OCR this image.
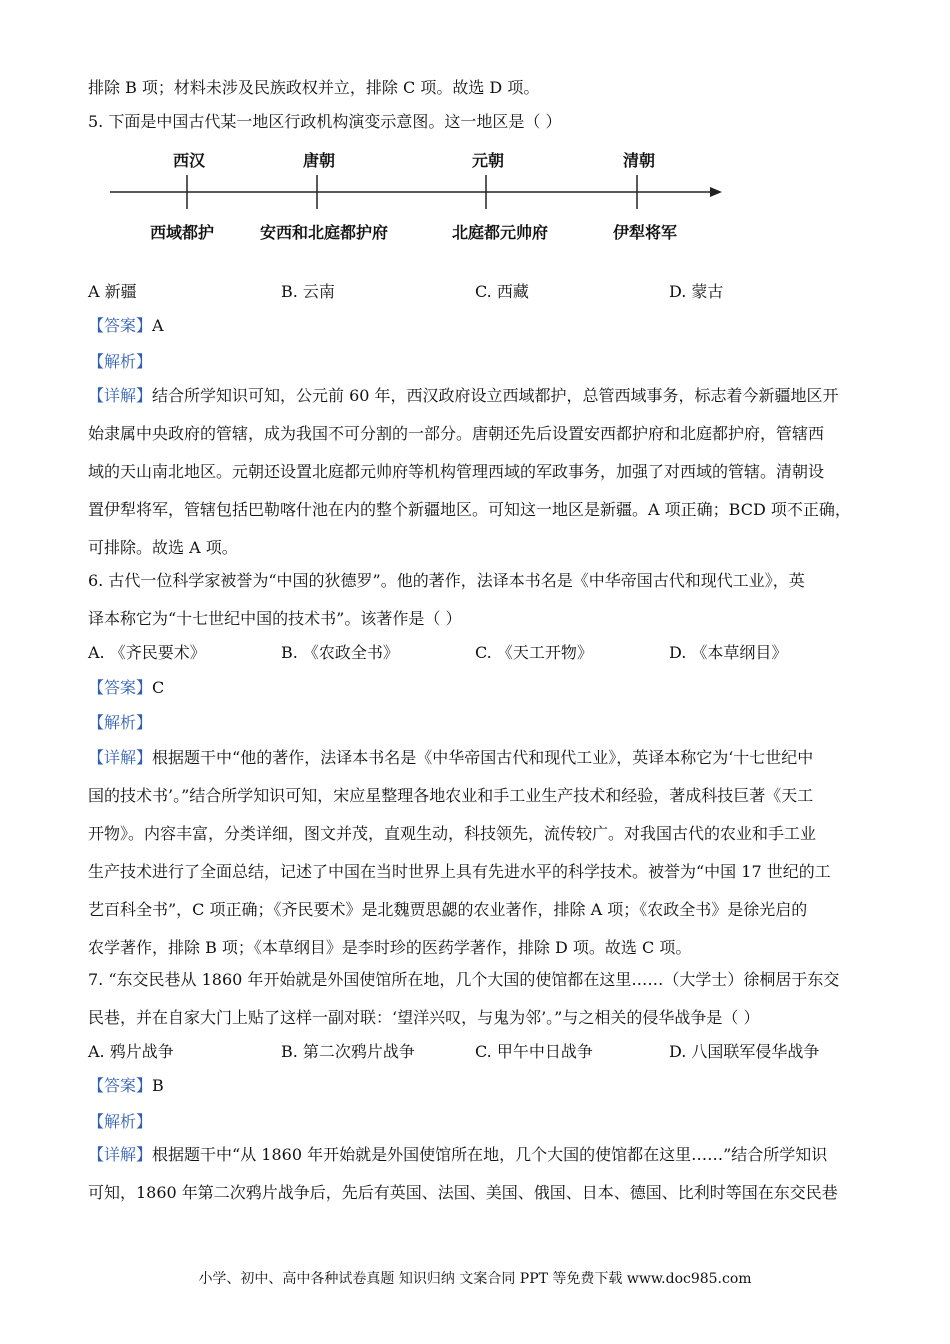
排除 B 项；材料未涉及民族政权并立，排除 C 项。故选 D 项。
5. 下面是中国古代某一地区行政机构演变示意图。这一地区是（ ）
西汉	唐朝	元朝	清朝
西域都护	安西和北庭都护府	北庭都元帅府	伊犁将军
A 新疆	B. 云南	C. 西藏	D. 蒙古
【答案】A
【解析】
【详解】结合所学知识可知，公元前 60 年，西汉政府设立西域都护，总管西域事务，标志着今新疆地区开
始隶属中央政府的管辖，成为我国不可分割的一部分。唐朝还先后设置安西都护府和北庭都护府，管辖西
域的天山南北地区。元朝还设置北庭都元帅府等机构管理西域的军政事务，加强了对西域的管辖。清朝设
置伊犁将军，管辖包括巴勒喀什池在内的整个新疆地区。可知这一地区是新疆。A 项正确；BCD 项不正确，
可排除。故选 A 项。
6. 古代一位科学家被誉为“中国的狄德罗”。他的著作，法译本书名是《中华帝国古代和现代工业》，英
译本称它为“十七世纪中国的技术书”。该著作是（ ）
A. 《齐民要术》	B. 《农政全书》	C. 《天工开物》	D. 《本草纲目》
【答案】C
【解析】
【详解】根据题干中“他的著作，法译本书名是《中华帝国古代和现代工业》，英译本称它为‘十七世纪中
国的技术书’。”结合所学知识可知，宋应星整理各地农业和手工业生产技术和经验，著成科技巨著《天工
开物》。内容丰富，分类详细，图文并茂，直观生动，科技领先，流传较广。对我国古代的农业和手工业
生产技术进行了全面总结，记述了中国在当时世界上具有先进水平的科学技术。被誉为“中国 17 世纪的工
艺百科全书”，C 项正确；《齐民要术》是北魏贾思勰的农业著作，排除 A 项；《农政全书》是徐光启的
农学著作，排除 B 项；《本草纲目》是李时珍的医药学著作，排除 D 项。故选 C 项。
7. “东交民巷从 1860 年开始就是外国使馆所在地，几个大国的使馆都在这里……（大学士）徐桐居于东交
民巷，并在自家大门上贴了这样一副对联：‘望洋兴叹，与鬼为邻’。”与之相关的侵华战争是（ ）
A. 鸦片战争	B. 第二次鸦片战争	C. 甲午中日战争	D. 八国联军侵华战争
【答案】B
【解析】
【详解】根据题干中“从 1860 年开始就是外国使馆所在地，几个大国的使馆都在这里……”结合所学知识
可知，1860 年第二次鸦片战争后，先后有英国、法国、美国、俄国、日本、德国、比利时等国在东交民巷
小学、初中、高中各种试卷真题 知识归纳 文案合同 PPT 等免费下载 www.doc985.com
